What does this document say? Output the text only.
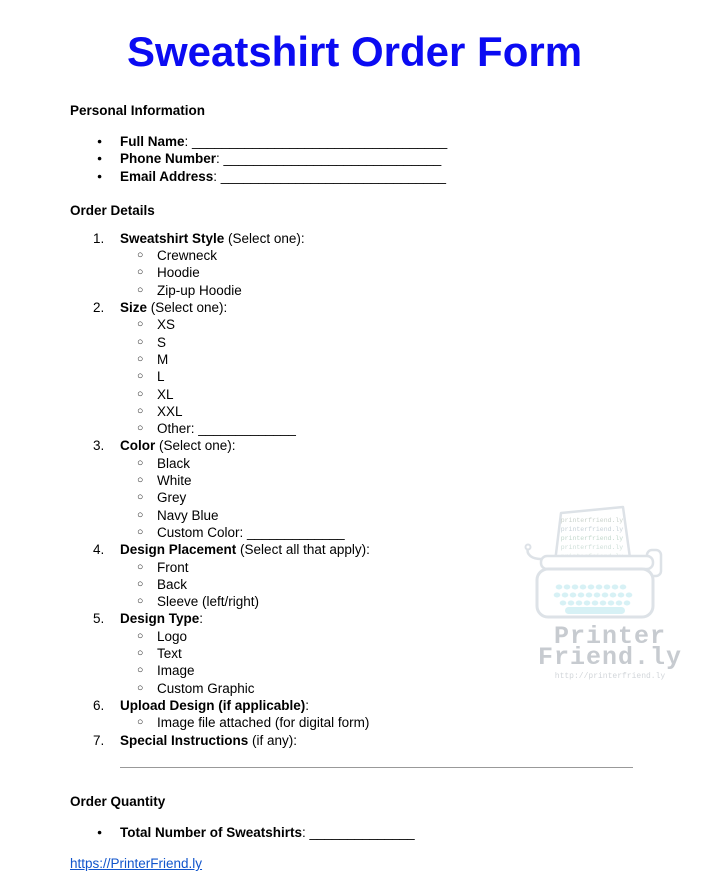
printerfriend.ly
printerfriend.ly
printerfriend.ly
printerfriend.ly
Printer
Friend.ly
http://printerfriend.ly
Sweatshirt Order Form
Personal Information
●	Full Name: __________________________________
●	Phone Number: _____________________________
●	Email Address: ______________________________
Order Details
1.	Sweatshirt Style (Select one):
○	Crewneck
○	Hoodie
○	Zip-up Hoodie
2.	Size (Select one):
○	XS
○	S
○	M
○	L
○	XL
○	XXL
○	Other: _____________
3.	Color (Select one):
○	Black
○	White
○	Grey
○	Navy Blue
○	Custom Color: _____________
4.	Design Placement (Select all that apply):
○	Front
○	Back
○	Sleeve (left/right)
5.	Design Type:
○	Logo
○	Text
○	Image
○	Custom Graphic
6.	Upload Design (if applicable):
○	Image file attached (for digital form)
7.	Special Instructions (if any):
Order Quantity
●	Total Number of Sweatshirts: ______________
https://PrinterFriend.ly
